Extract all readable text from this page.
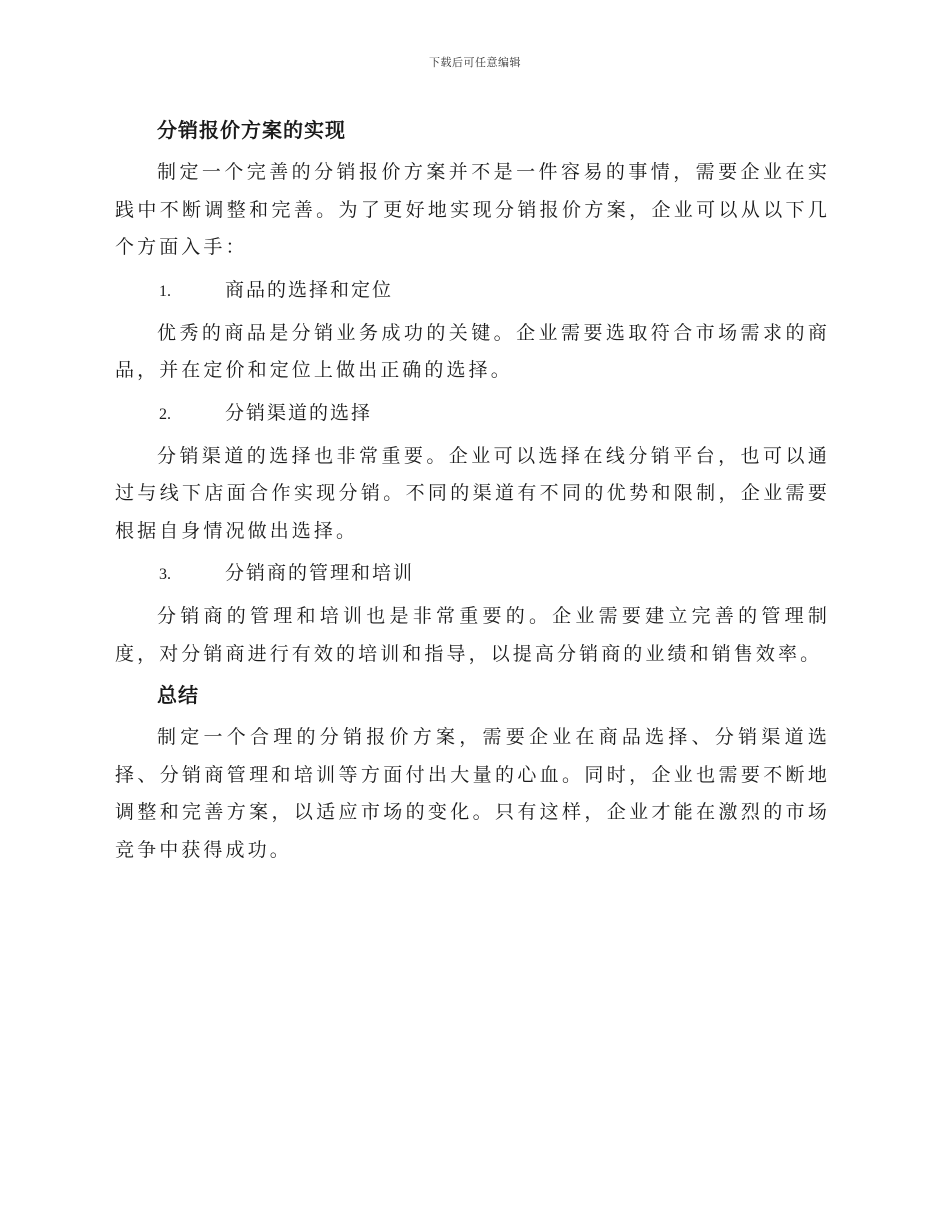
下载后可任意编辑
分销报价方案的实现

制定一个完善的分销报价方案并不是一件容易的事情，需要企业在实践中不断调整和完善。为了更好地实现分销报价方案，企业可以从以下几个方面入手：

1.	商品的选择和定位

优秀的商品是分销业务成功的关键。企业需要选取符合市场需求的商品，并在定价和定位上做出正确的选择。

2.	分销渠道的选择

分销渠道的选择也非常重要。企业可以选择在线分销平台，也可以通过与线下店面合作实现分销。不同的渠道有不同的优势和限制，企业需要根据自身情况做出选择。

3.	分销商的管理和培训

分销商的管理和培训也是非常重要的。企业需要建立完善的管理制度，对分销商进行有效的培训和指导，以提高分销商的业绩和销售效率。

总结

制定一个合理的分销报价方案，需要企业在商品选择、分销渠道选择、分销商管理和培训等方面付出大量的心血。同时，企业也需要不断地调整和完善方案，以适应市场的变化。只有这样，企业才能在激烈的市场竞争中获得成功。
